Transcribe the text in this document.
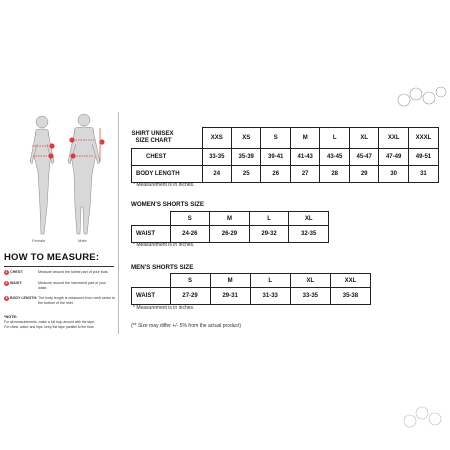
Female	Male
HOW TO MEASURE:
1 CHEST:	Measure around the fullest part of your bust.
2 WAIST:	Measure around the narrowest part of your waist.
3 BODY LENGTH: The body length is measured from neck seam to the bottom of the shirt.
*NOTE:
For all measurements, make a full loop around with the tape.
For chest, waist, and hips, keep the tape parallel to the floor.
SHIRT UNISEX
SIZE CHART	XXS	XS	S	M	L	XL	XXL	XXXL
CHEST	33-35	35-39	39-41	41-43	43-45	45-47	47-49	49-51
BODY LENGTH	24	25	26	27	28	29	30	31
* Measurement is in inches.
WOMEN'S SHORTS SIZE
	S	M	L	XL
WAIST	24-26	26-29	29-32	32-35
* Measurement is in inches.
MEN'S SHORTS SIZE
	S	M	L	XL	XXL
WAIST	27-29	29-31	31-33	33-35	35-38
* Measurement is in inches.
(** Size may differ +/- 5% from the actual product)
